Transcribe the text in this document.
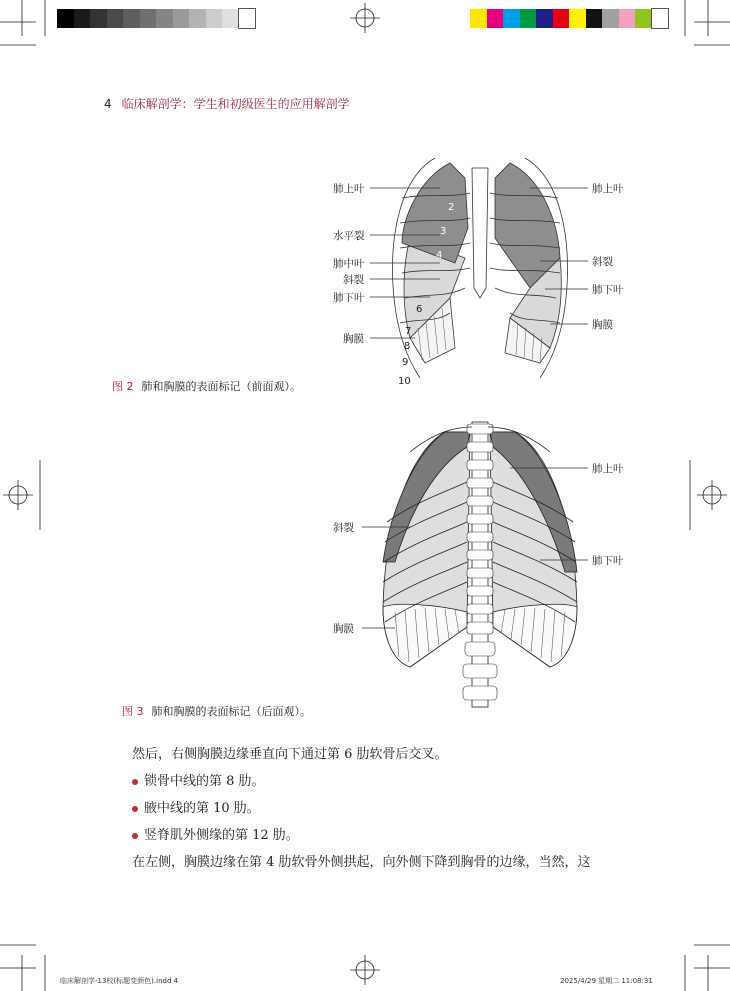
4 临床解剖学：学生和初级医生的应用解剖学
2
3
4
6
7
8
9
10
肺上叶
水平裂
肺中叶
斜裂
肺下叶
胸膜
肺上叶
斜裂
肺下叶
胸膜
图 2 肺和胸膜的表面标记（前面观）。
肺上叶
斜裂
肺下叶
胸膜
图 3 肺和胸膜的表面标记（后面观）。
然后，右侧胸膜边缘垂直向下通过第 6 肋软骨后交叉。
锁骨中线的第 8 肋。
腋中线的第 10 肋。
竖脊肌外侧缘的第 12 肋。
在左侧，胸膜边缘在第 4 肋软骨外侧拱起，向外侧下降到胸骨的边缘，当然，这
临床解剖学-13校(标题变颜色).indd 4	2025/4/29 星期二 11:08:31
